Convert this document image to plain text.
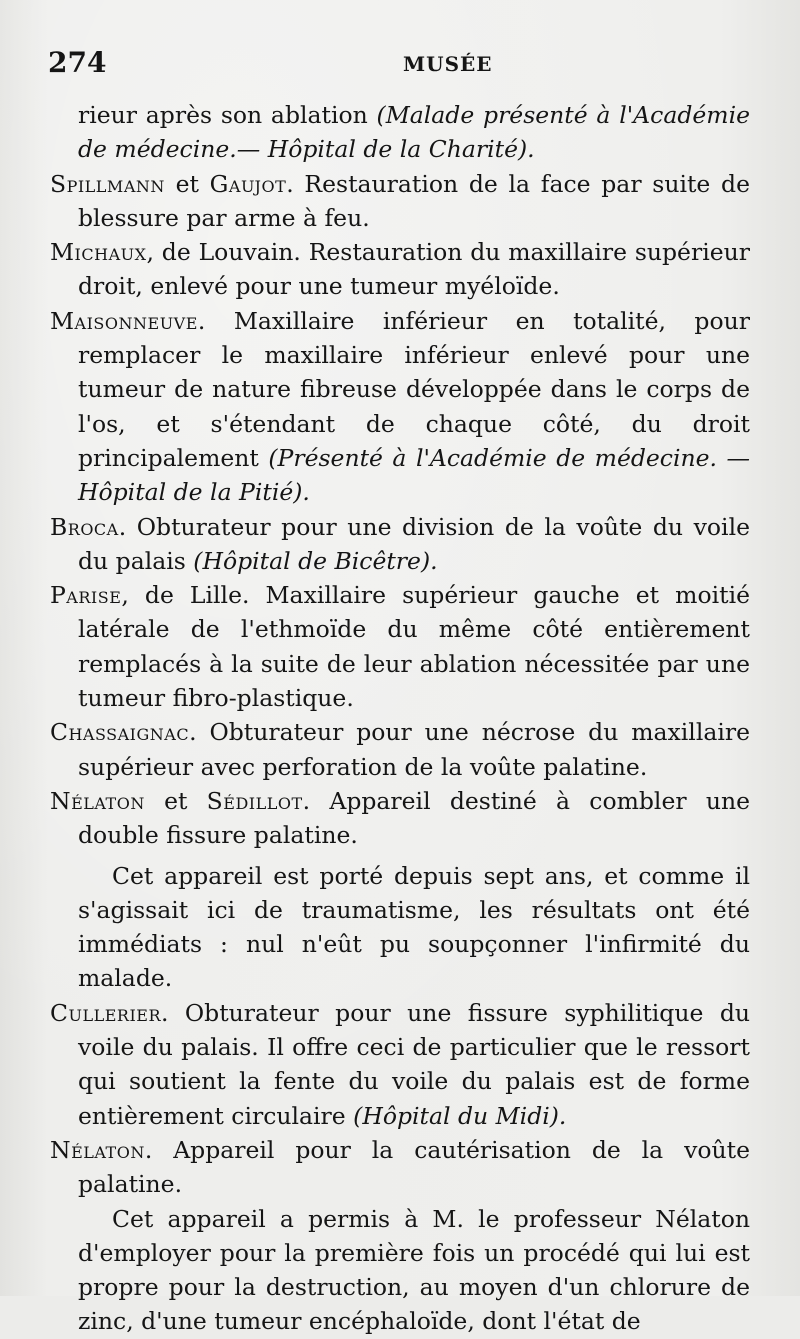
274	MUSÉE

rieur après son ablation (Malade présenté à l'Académie de médecine.— Hôpital de la Charité).

Spillmann et Gaujot. Restauration de la face par suite de blessure par arme à feu.

Michaux, de Louvain. Restauration du maxillaire supérieur droit, enlevé pour une tumeur myéloïde.

Maisonneuve. Maxillaire inférieur en totalité, pour remplacer le maxillaire inférieur enlevé pour une tumeur de nature fibreuse développée dans le corps de l'os, et s'étendant de chaque côté, du droit principalement (Présenté à l'Académie de médecine. — Hôpital de la Pitié).

Broca. Obturateur pour une division de la voûte du voile du palais (Hôpital de Bicêtre).

Parise, de Lille. Maxillaire supérieur gauche et moitié latérale de l'ethmoïde du même côté entièrement remplacés à la suite de leur ablation nécessitée par une tumeur fibro-plastique.

Chassaignac. Obturateur pour une nécrose du maxillaire supérieur avec perforation de la voûte palatine.

Nélaton et Sédillot. Appareil destiné à combler une double fissure palatine.

Cet appareil est porté depuis sept ans, et comme il s'agissait ici de traumatisme, les résultats ont été immédiats : nul n'eût pu soupçonner l'infirmité du malade.

Cullerier. Obturateur pour une fissure syphilitique du voile du palais. Il offre ceci de particulier que le ressort qui soutient la fente du voile du palais est de forme entièrement circulaire (Hôpital du Midi).

Nélaton. Appareil pour la cautérisation de la voûte palatine.

Cet appareil a permis à M. le professeur Nélaton d'employer pour la première fois un procédé qui lui est propre pour la destruction, au moyen d'un chlorure de zinc, d'une tumeur encéphaloïde, dont l'état de
